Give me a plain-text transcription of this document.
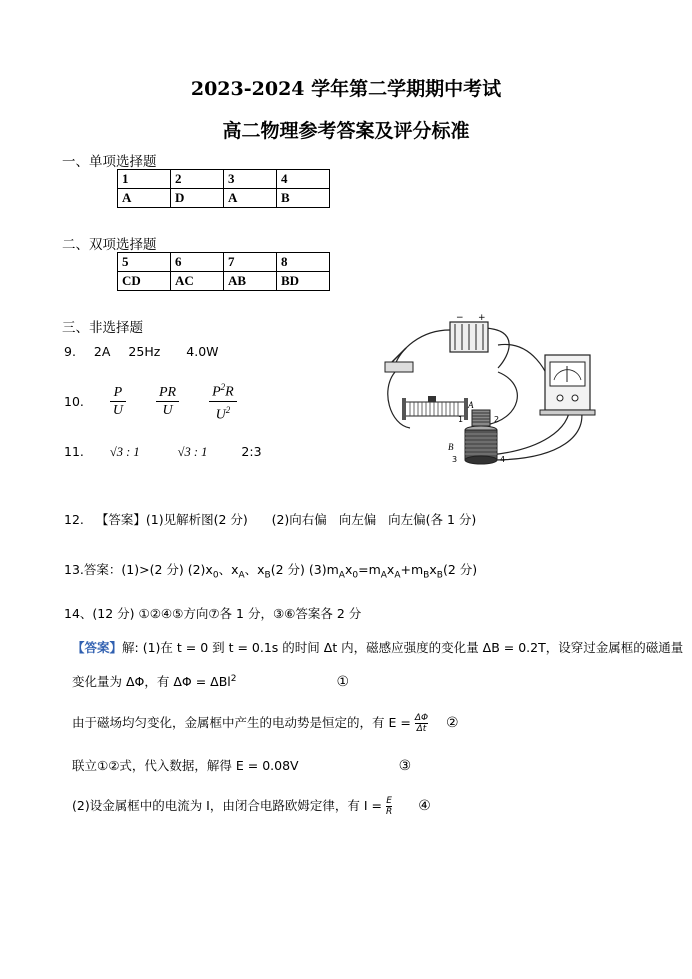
2023-2024 学年第二学期期中考试
高二物理参考答案及评分标准
一、单项选择题
1	2	3	4
A	D	A	B
二、双项选择题
5	6	7	8
CD	AC	AB	BD
三、非选择题
9. 2A 25Hz 4.0W
10. $\frac{P}{U}$
$\frac{PR}{U}$
$\frac{P^2R}{U^2}$
11. √3 : 1	√3 : 1	2:3
12. 【答案】(1)见解析图(2 分)      (2)向右偏   向左偏   向左偏(各 1 分)
13.答案：(1)>(2 分) $(2)x_0$、$x_A$、$x_B(2$ 分) $(3)m_Ax_0=m_Ax_A+m_Bx_B(2$ 分)
14、(12 分) ①②④⑤方向⑦各 1 分，③⑥答案各 2 分
【答案】解: (1)在 t = 0 到 t = 0.1s 的时间 Δt 内，磁感应强度的变化量 ΔB = 0.2T，设穿过金属框的磁通量
变化量为 ΔΦ，有 ΔΦ = ΔBl$^2$	①
由于磁场均匀变化，金属框中产生的电动势是恒定的，有 $E = \frac{\Delta\Phi}{\Delta t}$ ②
联立①②式，代入数据，解得 E = 0.08V	③
(2)设金属框中的电流为 I，由闭合电路欧姆定律，有 $I = \frac{E}{R}$ ④
− +
A
1	2
B
3	4
